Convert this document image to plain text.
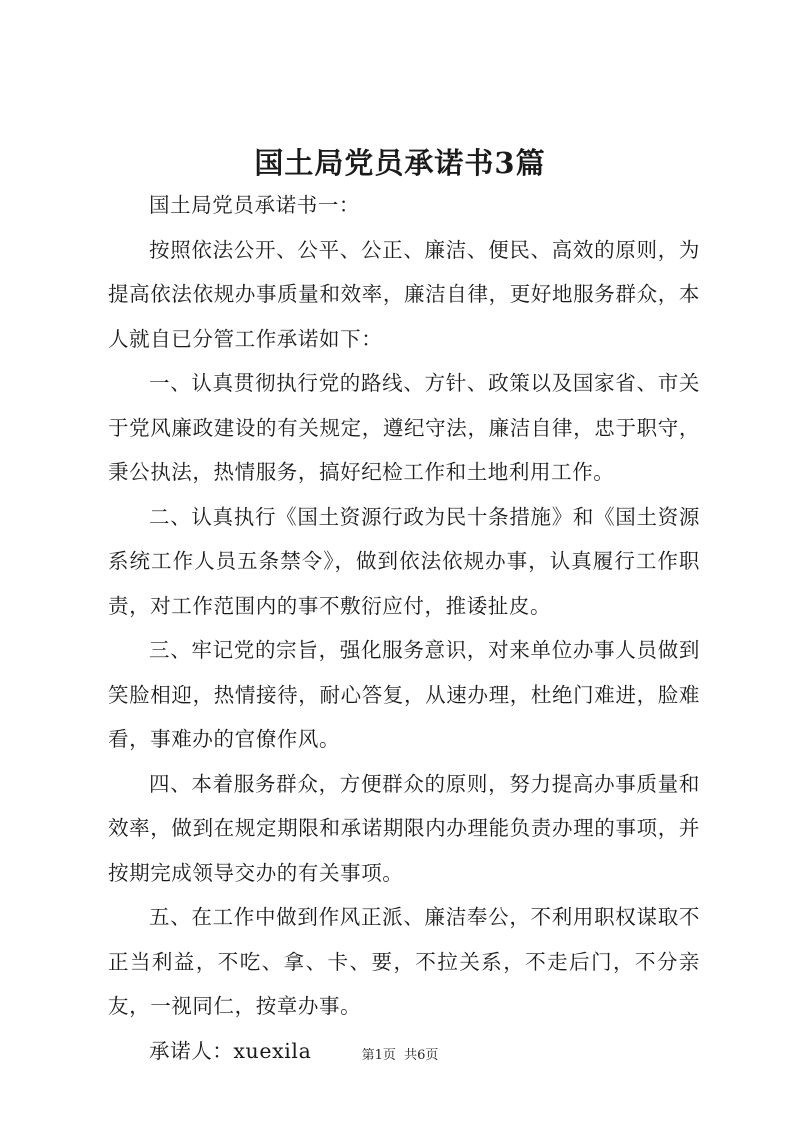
国土局党员承诺书3篇

国土局党员承诺书一：

按照依法公开、公平、公正、廉洁、便民、高效的原则，为提高依法依规办事质量和效率，廉洁自律，更好地服务群众，本人就自已分管工作承诺如下：

一、认真贯彻执行党的路线、方针、政策以及国家省、市关于党风廉政建设的有关规定，遵纪守法，廉洁自律，忠于职守，秉公执法，热情服务，搞好纪检工作和土地利用工作。

二、认真执行《国土资源行政为民十条措施》和《国土资源系统工作人员五条禁令》，做到依法依规办事，认真履行工作职责，对工作范围内的事不敷衍应付，推诿扯皮。

三、牢记党的宗旨，强化服务意识，对来单位办事人员做到笑脸相迎，热情接待，耐心答复，从速办理，杜绝门难进，脸难看，事难办的官僚作风。

四、本着服务群众，方便群众的原则，努力提高办事质量和效率，做到在规定期限和承诺期限内办理能负责办理的事项，并按期完成领导交办的有关事项。

五、在工作中做到作风正派、廉洁奉公，不利用职权谋取不正当利益，不吃、拿、卡、要，不拉关系，不走后门，不分亲友，一视同仁，按章办事。

承诺人：xuexila	第1页 共6页
